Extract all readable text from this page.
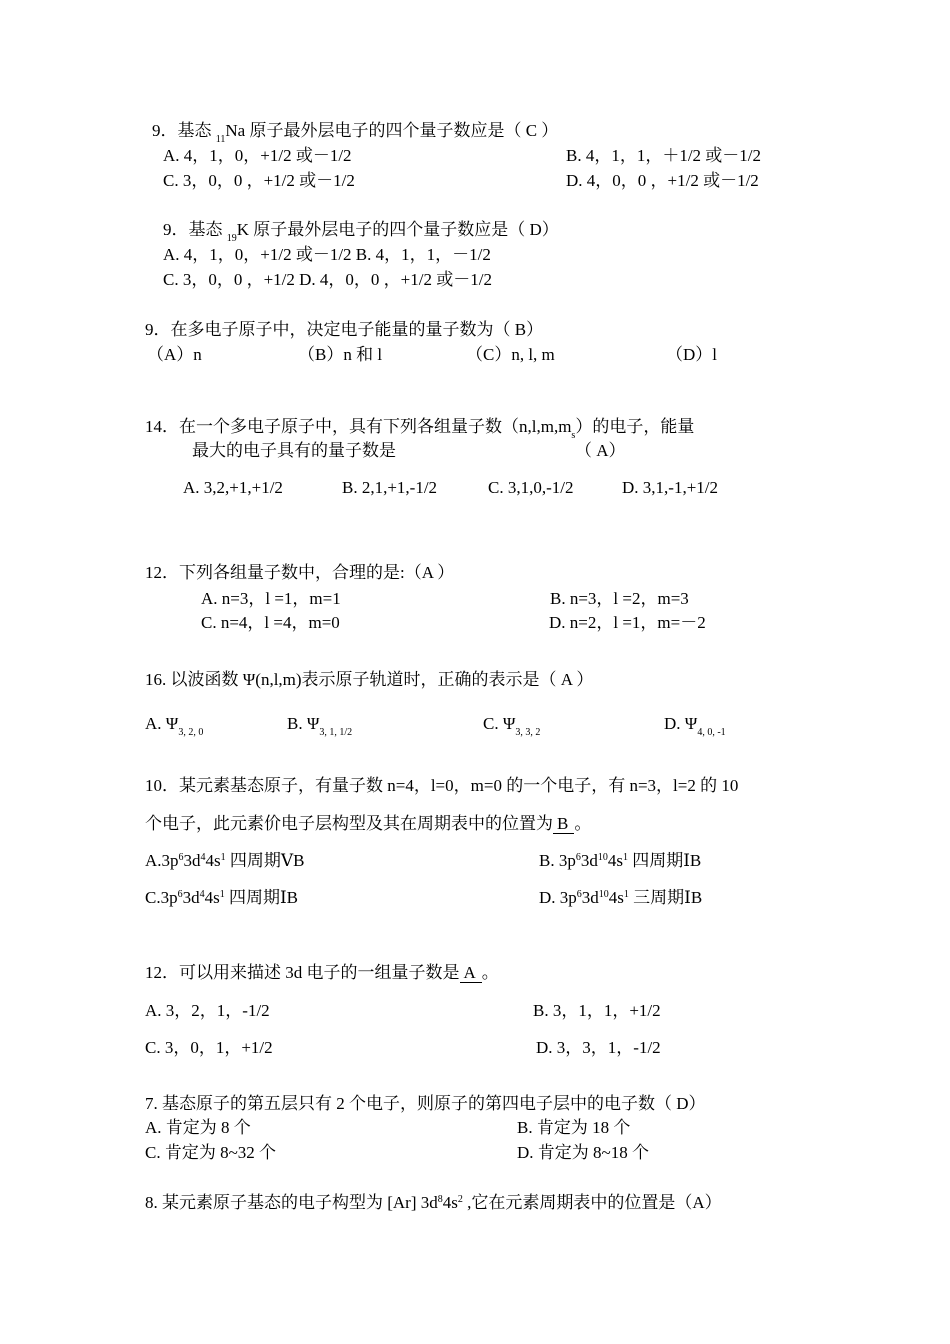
9．基态 $_{11}$Na 原子最外层电子的四个量子数应是（ C ）
A. 4，1，0，+1/2 或－1/2	B. 4，1，1，＋1/2 或－1/2
C. 3，0，0 ，+1/2 或－1/2	D. 4，0，0 ，+1/2 或－1/2
9．基态 $_{19}$K 原子最外层电子的四个量子数应是（ D）
A. 4，1，0，+1/2 或－1/2 B. 4，1，1，－1/2
C. 3，0，0 ，+1/2 D. 4，0，0 ，+1/2 或－1/2
9．在多电子原子中，决定电子能量的量子数为（ B）
（A）n	（B）n 和 l	（C）n, l, m	（D）l
14．在一个多电子原子中，具有下列各组量子数$(n,l,m,m_s)$的电子，能量
最大的电子具有的量子数是	（ A）
A. 3,2,+1,+1/2	B. 2,1,+1,-1/2	C. 3,1,0,-1/2	D. 3,1,-1,+1/2
12．下列各组量子数中，合理的是:（A ）
A. n=3，l =1，m=1	B. n=3，l =2，m=3
C. n=4，l =4，m=0	D. n=2，l =1，m=－2
16. 以波函数 Ψ(n,l,m)表示原子轨道时，正确的表示是（ A ）
A. $\Psi_{3, 2, 0}$	B. $\Psi_{3, 1, 1/2}$	C. $\Psi_{3, 3, 2}$	D. $\Psi_{4, 0, -1}$
10．某元素基态原子，有量子数 n=4，l=0，m=0 的一个电子，有 n=3，l=2 的 10
个电子，此元素价电子层构型及其在周期表中的位置为 B 。
$A.3p^63d^44s^1$ 四周期ⅤB	B. $3p^63d^{10}4s^1$ 四周期ⅠB
$C.3p^63d^44s^1$ 四周期ⅠB	D. $3p^63d^{10}4s^1$ 三周期ⅠB
12．可以用来描述 3d 电子的一组量子数是 A 。
A. 3，2，1，-1/2	B. 3，1，1，+1/2
C. 3，0，1，+1/2	D. 3，3，1，-1/2
7. 基态原子的第五层只有 2 个电子，则原子的第四电子层中的电子数（ D）
A. 肯定为 8 个	B. 肯定为 18 个
C. 肯定为 8~32 个	D. 肯定为 8~18 个
8. 某元素原子基态的电子构型为 [Ar] $3d^84s^2$ ,它在元素周期表中的位置是（A）
